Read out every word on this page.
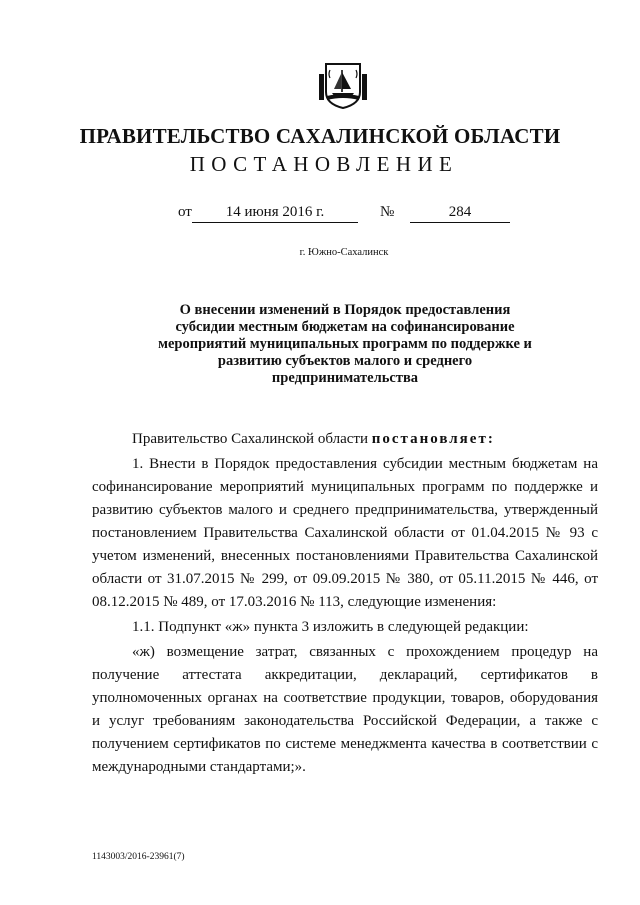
ПРАВИТЕЛЬСТВО САХАЛИНСКОЙ ОБЛАСТИ
ПОСТАНОВЛЕНИЕ
от	14 июня 2016 г.	№	284
г. Южно-Сахалинск
О внесении изменений в Порядок предоставления субсидии местным бюджетам на софинансирование мероприятий муниципальных программ по поддержке и развитию субъектов малого и среднего предпринимательства

Правительство Сахалинской области постановляет:

1. Внести в Порядок предоставления субсидии местным бюджетам на софинансирование мероприятий муниципальных программ по поддержке и развитию субъектов малого и среднего предпринимательства, утвержденный постановлением Правительства Сахалинской области от 01.04.2015 № 93 с учетом изменений, внесенных постановлениями Правительства Сахалинской области от 31.07.2015 № 299, от 09.09.2015 № 380, от 05.11.2015 № 446, от 08.12.2015 № 489, от 17.03.2016 № 113, следующие изменения:

1.1. Подпункт «ж» пункта 3 изложить в следующей редакции:

«ж) возмещение затрат, связанных с прохождением процедур на получение аттестата аккредитации, деклараций, сертификатов в уполномоченных органах на соответствие продукции, товаров, оборудования и услуг требованиям законодательства Российской Федерации, а также с получением сертификатов по системе менеджмента качества в соответствии с международными стандартами;».

1143003/2016-23961(7)
